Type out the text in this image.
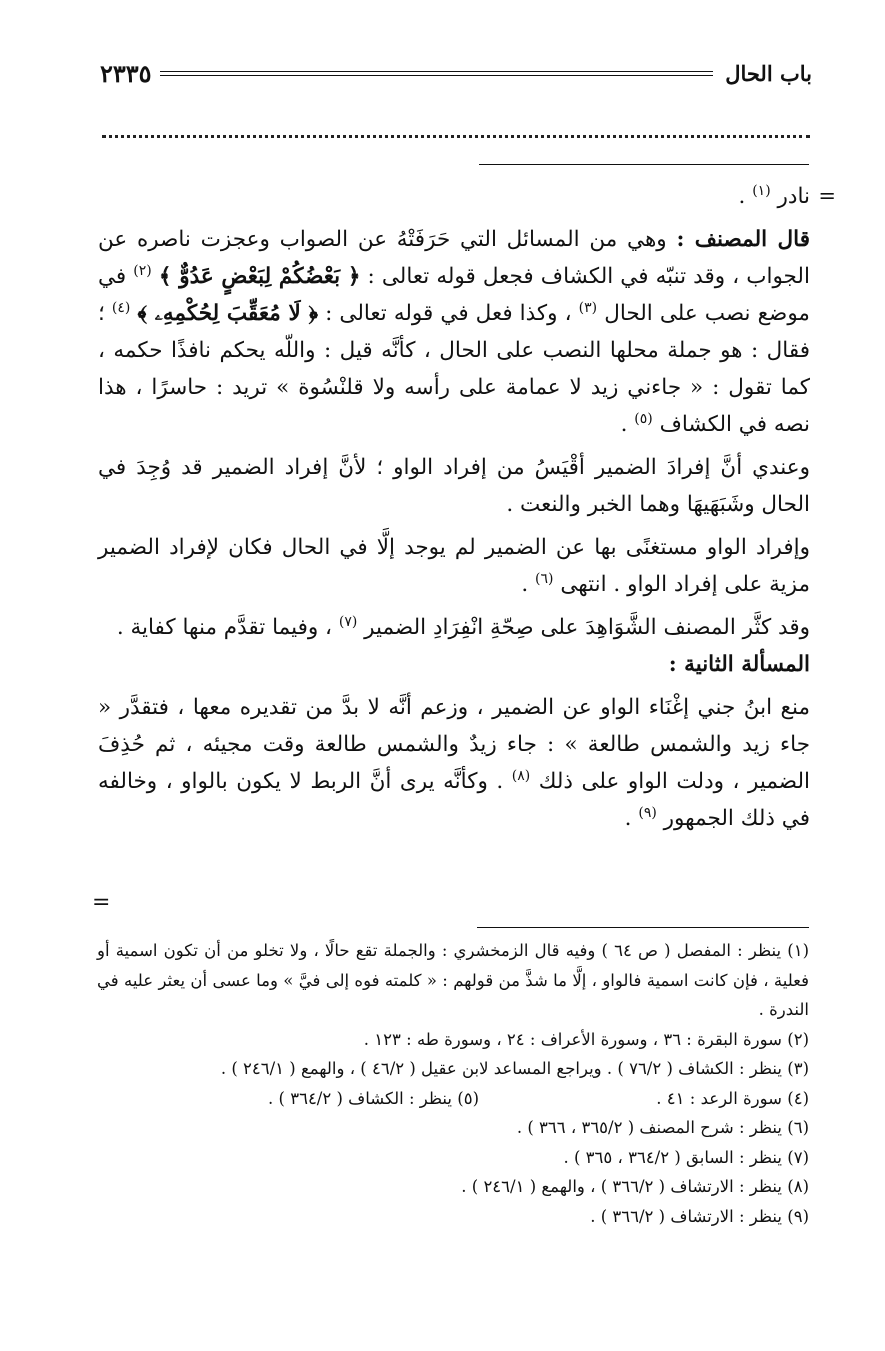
باب الحال
٢٣٣٥

=
نادر $^{(١)}$ .

قال المصنف : وهي من المسائل التي حَرَفَتْهُ عن الصواب وعجزت ناصره عن الجواب ، وقد تنبّه في الكشاف فجعل قوله تعالى : ﴿ بَعْضُكُمْ لِبَعْضٍ عَدُوٌّ ﴾ $^{(٢)}$ في موضع نصب على الحال $^{(٣)}$ ، وكذا فعل في قوله تعالى : ﴿ لَا مُعَقِّبَ لِحُكْمِهِۦ ﴾ $^{(٤)}$ ؛ فقال : هو جملة محلها النصب على الحال ، كأنَّه قيل : واللّه يحكم نافذًا حكمه ، كما تقول : « جاءني زيد لا عمامة على رأسه ولا قلنْسُوة » تريد : حاسرًا ، هذا نصه في الكشاف $^{(٥)}$ .

وعندي أنَّ إفرادَ الضمير أقْيَسُ من إفراد الواو ؛ لأنَّ إفراد الضمير قد وُجِدَ في الحال وشَبَهَيهَا وهما الخبر والنعت .

وإفراد الواو مستغنًى بها عن الضمير لم يوجد إلَّا في الحال فكان لإفراد الضمير مزية على إفراد الواو . انتهى $^{(٦)}$ .

وقد كثَّر المصنف الشَّوَاهِدَ على صِحّةِ انْفِرَادِ الضمير $^{(٧)}$ ، وفيما تقدَّم منها كفاية .

المسألة الثانية :

منع ابنُ جني إغْنَاء الواو عن الضمير ، وزعم أنَّه لا بدَّ من تقديره معها ، فتقدَّر « جاء زيد والشمس طالعة » : جاء زيدٌ والشمس طالعة وقت مجيئه ، ثم حُذِفَ الضمير ، ودلت الواو على ذلك $^{(٨)}$ . وكأنَّه يرى أنَّ الربط لا يكون بالواو ، وخالفه في ذلك الجمهور $^{(٩)}$ .

=

(١) ينظر : المفصل ( ص ٦٤ ) وفيه قال الزمخشري : والجملة تقع حالًا ، ولا تخلو من أن تكون اسمية أو فعلية ، فإن كانت اسمية فالواو ، إلَّا ما شذَّ من قولهم : « كلمته فوه إلى فيَّ » وما عسى أن يعثر عليه في الندرة .

(٢) سورة البقرة : ٣٦ ، وسورة الأعراف : ٢٤ ، وسورة طه : ١٢٣ .

(٣) ينظر : الكشاف ( ٧٦/٢ ) . ويراجع المساعد لابن عقيل ( ٤٦/٢ ) ، والهمع ( ٢٤٦/١ ) .

(٤) سورة الرعد : ٤١ .

(٥) ينظر : الكشاف ( ٣٦٤/٢ ) .

(٦) ينظر : شرح المصنف ( ٣٦٥/٢ ، ٣٦٦ ) .

(٧) ينظر : السابق ( ٣٦٤/٢ ، ٣٦٥ ) .

(٨) ينظر : الارتشاف ( ٣٦٦/٢ ) ، والهمع ( ٢٤٦/١ ) .

(٩) ينظر : الارتشاف ( ٣٦٦/٢ ) .
